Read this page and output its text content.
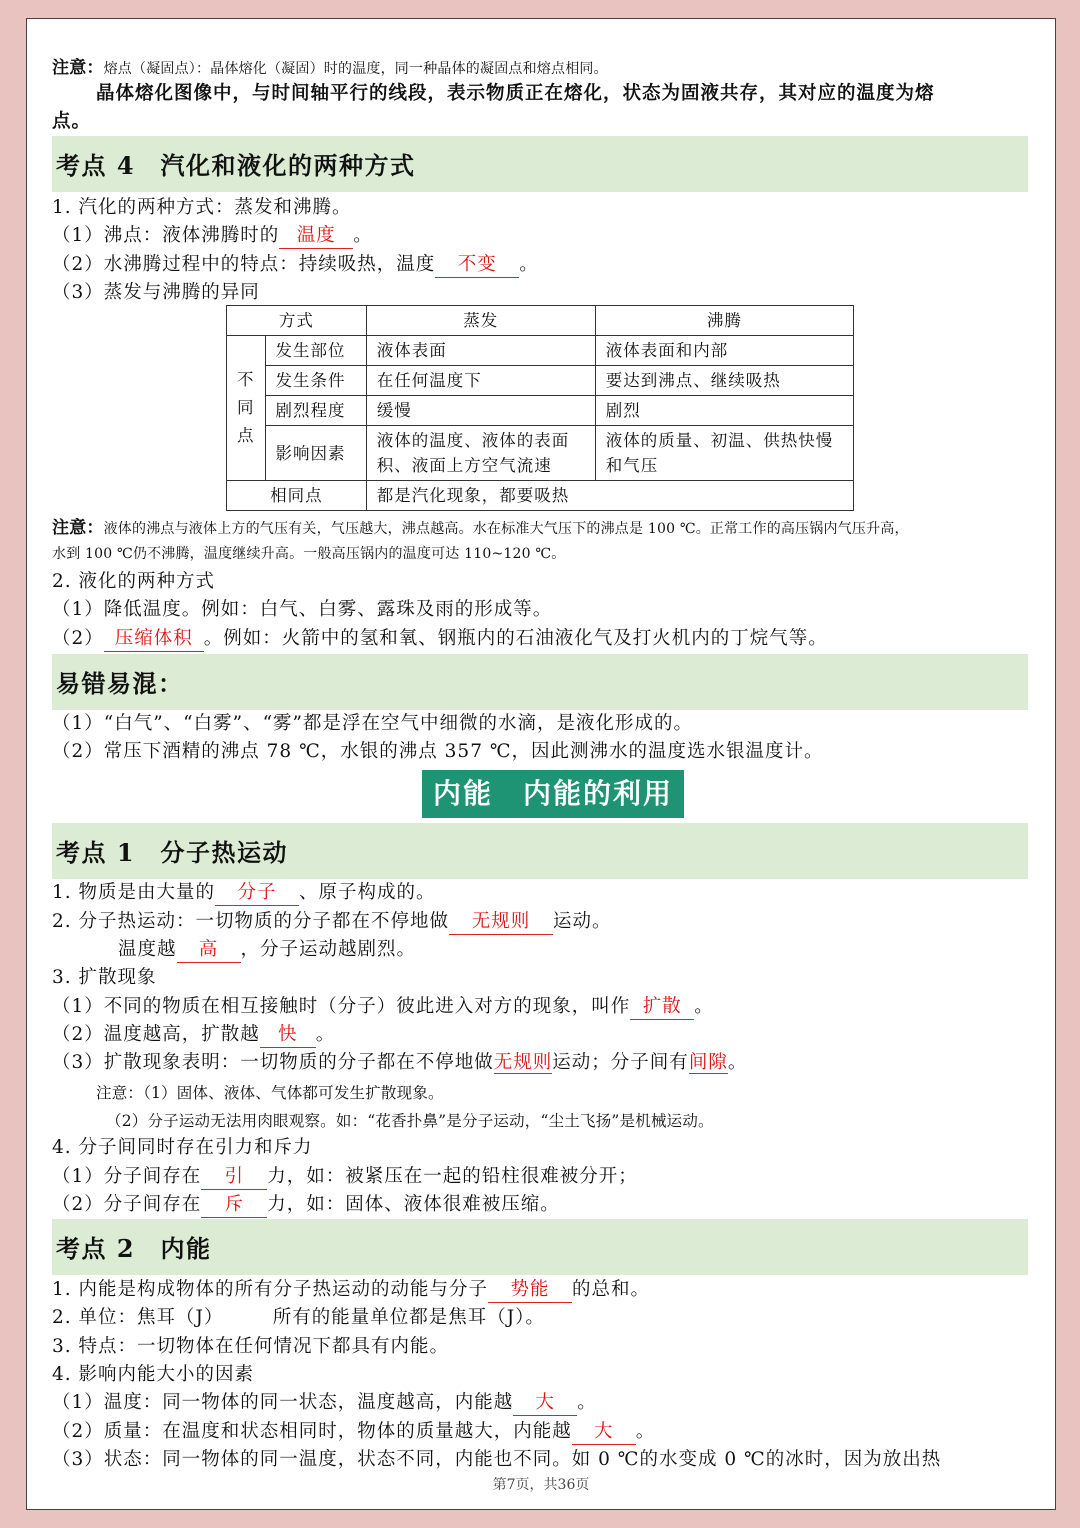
注意：熔点（凝固点）：晶体熔化（凝固）时的温度，同一种晶体的凝固点和熔点相同。
晶体熔化图像中，与时间轴平行的线段，表示物质正在熔化，状态为固液共存，其对应的温度为熔
点。
考点 4　汽化和液化的两种方式
1. 汽化的两种方式：蒸发和沸腾。
（1）沸点：液体沸腾时的 温度 。
（2）水沸腾过程中的特点：持续吸热，温度 不变 。
（3）蒸发与沸腾的异同
方式		蒸发	沸腾
不同点	发生部位	液体表面	液体表面和内部
	发生条件	在任何温度下	要达到沸点、继续吸热
	剧烈程度	缓慢	剧烈
	影响因素	液体的温度、液体的表面积、液面上方空气流速	液体的质量、初温、供热快慢和气压
相同点		都是汽化现象，都要吸热	
注意：液体的沸点与液体上方的气压有关，气压越大，沸点越高。水在标准大气压下的沸点是 100 ℃。正常工作的高压锅内气压升高，
水到 100 ℃仍不沸腾，温度继续升高。一般高压锅内的温度可达 110~120 ℃。
2. 液化的两种方式
（1）降低温度。例如：白气、白雾、露珠及雨的形成等。
（2） 压缩体积 。例如：火箭中的氢和氧、钢瓶内的石油液化气及打火机内的丁烷气等。
易错易混：
（1）“白气”、“白雾”、“雾”都是浮在空气中细微的水滴，是液化形成的。
（2）常压下酒精的沸点 78 ℃，水银的沸点 357 ℃，因此测沸水的温度选水银温度计。
内能　内能的利用
考点 1　分子热运动
1. 物质是由大量的 分子 、原子构成的。
2. 分子热运动：一切物质的分子都在不停地做 无规则 运动。
温度越 高 ，分子运动越剧烈。
3. 扩散现象
（1）不同的物质在相互接触时（分子）彼此进入对方的现象，叫作 扩散 。
（2）温度越高，扩散越 快 。
（3）扩散现象表明：一切物质的分子都在不停地做无规则运动；分子间有间隙。
注意：（1）固体、液体、气体都可发生扩散现象。
（2）分子运动无法用肉眼观察。如：“花香扑鼻”是分子运动，“尘土飞扬”是机械运动。
4. 分子间同时存在引力和斥力
（1）分子间存在 引 力，如：被紧压在一起的铅柱很难被分开；
（2）分子间存在 斥 力，如：固体、液体很难被压缩。
考点 2　内能
1. 内能是构成物体的所有分子热运动的动能与分子 势能 的总和。
2. 单位：焦耳（J）　　　所有的能量单位都是焦耳（J）。
3. 特点：一切物体在任何情况下都具有内能。
4. 影响内能大小的因素
（1）温度：同一物体的同一状态，温度越高，内能越 大 。
（2）质量：在温度和状态相同时，物体的质量越大，内能越 大 。
（3）状态：同一物体的同一温度，状态不同，内能也不同。如 0 ℃的水变成 0 ℃的冰时，因为放出热
第7页，共36页
